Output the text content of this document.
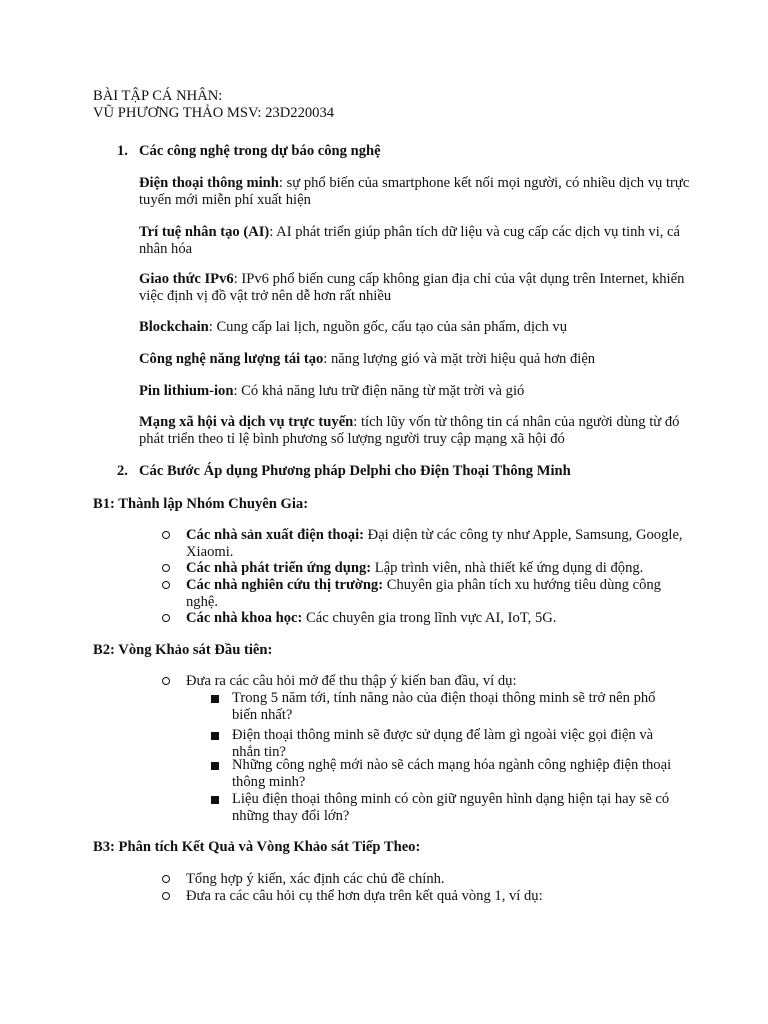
BÀI TẬP CÁ NHÂN:
VŨ PHƯƠNG THẢO MSV: 23D220034
1. Các công nghệ trong dự báo công nghệ
Điện thoại thông minh: sự phổ biến của smartphone kết nối mọi người, có nhiều dịch vụ trực tuyến mới miễn phí xuất hiện
Trí tuệ nhân tạo (AI): AI phát triển giúp phân tích dữ liệu và cug cấp các dịch vụ tinh vi, cá nhân hóa
Giao thức IPv6: IPv6 phổ biến cung cấp không gian địa chỉ của vật dụng trên Internet, khiến việc định vị đồ vật trở nên dễ hơn rất nhiều
Blockchain: Cung cấp lai lịch, nguồn gốc, cấu tạo của sản phẩm, dịch vụ
Công nghệ năng lượng tái tạo: năng lượng gió và mặt trời hiệu quả hơn điện
Pin lithium-ion: Có khả năng lưu trữ điện năng từ mặt trời và gió
Mạng xã hội và dịch vụ trực tuyến: tích lũy vốn từ thông tin cá nhân của người dùng từ đó phát triển theo tỉ lệ bình phương số lượng người truy cập mạng xã hội đó
2. Các Bước Áp dụng Phương pháp Delphi cho Điện Thoại Thông Minh
B1: Thành lập Nhóm Chuyên Gia:
Các nhà sản xuất điện thoại: Đại diện từ các công ty như Apple, Samsung, Google, Xiaomi.
Các nhà phát triển ứng dụng: Lập trình viên, nhà thiết kế ứng dụng di động.
Các nhà nghiên cứu thị trường: Chuyên gia phân tích xu hướng tiêu dùng công nghệ.
Các nhà khoa học: Các chuyên gia trong lĩnh vực AI, IoT, 5G.
B2: Vòng Khảo sát Đầu tiên:
Đưa ra các câu hỏi mở để thu thập ý kiến ban đầu, ví dụ:
Trong 5 năm tới, tính năng nào của điện thoại thông minh sẽ trở nên phổ biến nhất?
Điện thoại thông minh sẽ được sử dụng để làm gì ngoài việc gọi điện và nhắn tin?
Những công nghệ mới nào sẽ cách mạng hóa ngành công nghiệp điện thoại thông minh?
Liệu điện thoại thông minh có còn giữ nguyên hình dạng hiện tại hay sẽ có những thay đổi lớn?
B3: Phân tích Kết Quả và Vòng Khảo sát Tiếp Theo:
Tổng hợp ý kiến, xác định các chủ đề chính.
Đưa ra các câu hỏi cụ thể hơn dựa trên kết quả vòng 1, ví dụ:
